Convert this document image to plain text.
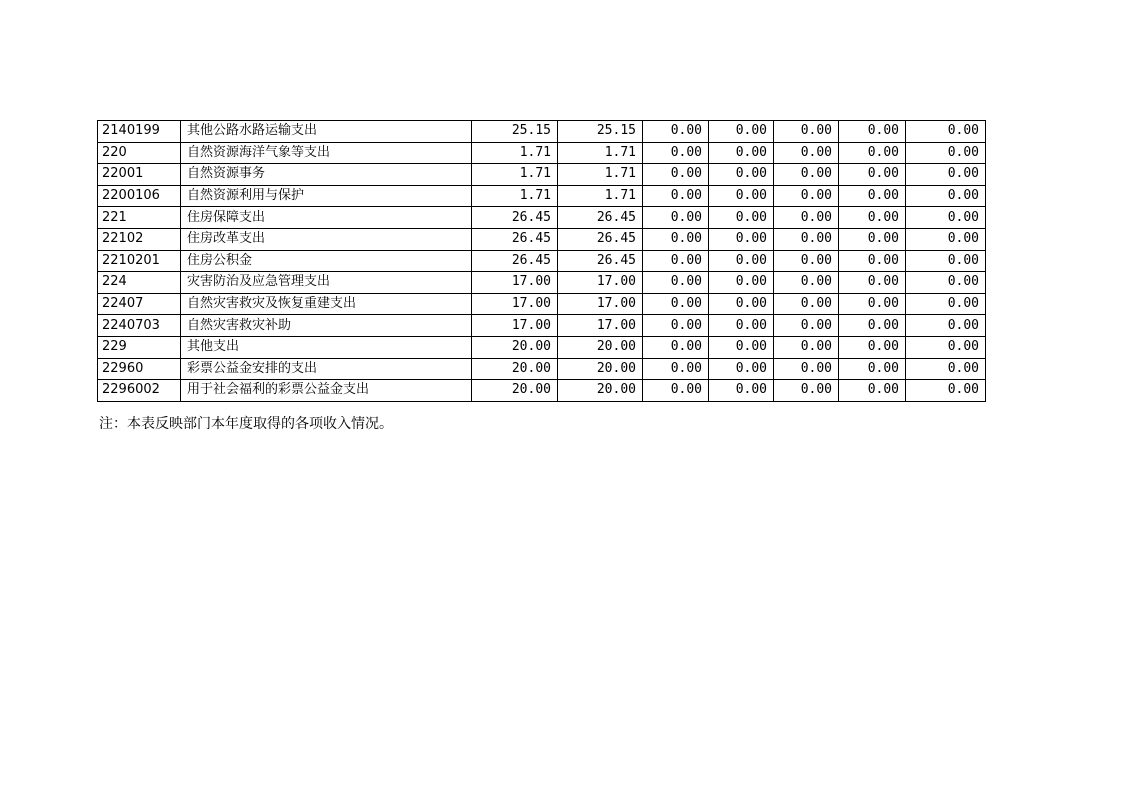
2140199	其他公路水路运输支出	25.15	25.15	0.00	0.00	0.00	0.00	0.00
220	自然资源海洋气象等支出	1.71	1.71	0.00	0.00	0.00	0.00	0.00
22001	自然资源事务	1.71	1.71	0.00	0.00	0.00	0.00	0.00
2200106	自然资源利用与保护	1.71	1.71	0.00	0.00	0.00	0.00	0.00
221	住房保障支出	26.45	26.45	0.00	0.00	0.00	0.00	0.00
22102	住房改革支出	26.45	26.45	0.00	0.00	0.00	0.00	0.00
2210201	住房公积金	26.45	26.45	0.00	0.00	0.00	0.00	0.00
224	灾害防治及应急管理支出	17.00	17.00	0.00	0.00	0.00	0.00	0.00
22407	自然灾害救灾及恢复重建支出	17.00	17.00	0.00	0.00	0.00	0.00	0.00
2240703	自然灾害救灾补助	17.00	17.00	0.00	0.00	0.00	0.00	0.00
229	其他支出	20.00	20.00	0.00	0.00	0.00	0.00	0.00
22960	彩票公益金安排的支出	20.00	20.00	0.00	0.00	0.00	0.00	0.00
2296002	用于社会福利的彩票公益金支出	20.00	20.00	0.00	0.00	0.00	0.00	0.00
注：本表反映部门本年度取得的各项收入情况。
